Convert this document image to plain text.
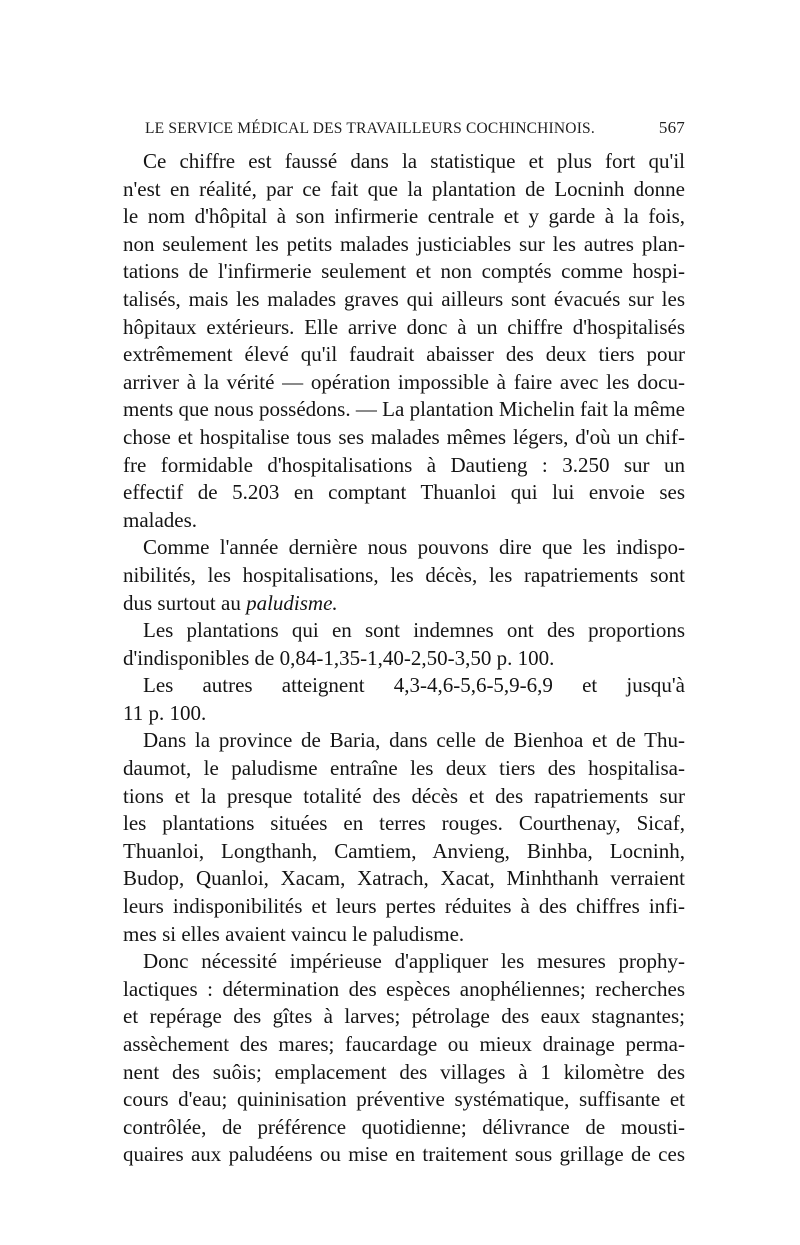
LE SERVICE MÉDICAL DES TRAVAILLEURS COCHINCHINOIS.	567
Ce chiffre est faussé dans la statistique et plus fort qu'il
n'est en réalité, par ce fait que la plantation de Locninh donne
le nom d'hôpital à son infirmerie centrale et y garde à la fois,
non seulement les petits malades justiciables sur les autres plan-
tations de l'infirmerie seulement et non comptés comme hospi-
talisés, mais les malades graves qui ailleurs sont évacués sur les
hôpitaux extérieurs. Elle arrive donc à un chiffre d'hospitalisés
extrêmement élevé qu'il faudrait abaisser des deux tiers pour
arriver à la vérité — opération impossible à faire avec les docu-
ments que nous possédons. — La plantation Michelin fait la même
chose et hospitalise tous ses malades mêmes légers, d'où un chif-
fre formidable d'hospitalisations à Dautieng : 3.250 sur un
effectif de 5.203 en comptant Thuanloi qui lui envoie ses
malades.
Comme l'année dernière nous pouvons dire que les indispo-
nibilités, les hospitalisations, les décès, les rapatriements sont
dus surtout au paludisme.
Les plantations qui en sont indemnes ont des proportions
d'indisponibles de 0,84-1,35-1,40-2,50-3,50 p. 100.
Les autres atteignent 4,3-4,6-5,6-5,9-6,9 et jusqu'à
11 p. 100.
Dans la province de Baria, dans celle de Bienhoa et de Thu-
daumot, le paludisme entraîne les deux tiers des hospitalisa-
tions et la presque totalité des décès et des rapatriements sur
les plantations situées en terres rouges. Courthenay, Sicaf,
Thuanloi, Longthanh, Camtiem, Anvieng, Binhba, Locninh,
Budop, Quanloi, Xacam, Xatrach, Xacat, Minhthanh verraient
leurs indisponibilités et leurs pertes réduites à des chiffres infi-
mes si elles avaient vaincu le paludisme.
Donc nécessité impérieuse d'appliquer les mesures prophy-
lactiques : détermination des espèces anophéliennes; recherches
et repérage des gîtes à larves; pétrolage des eaux stagnantes;
assèchement des mares; faucardage ou mieux drainage perma-
nent des suôis; emplacement des villages à 1 kilomètre des
cours d'eau; quininisation préventive systématique, suffisante et
contrôlée, de préférence quotidienne; délivrance de mousti-
quaires aux paludéens ou mise en traitement sous grillage de ces
